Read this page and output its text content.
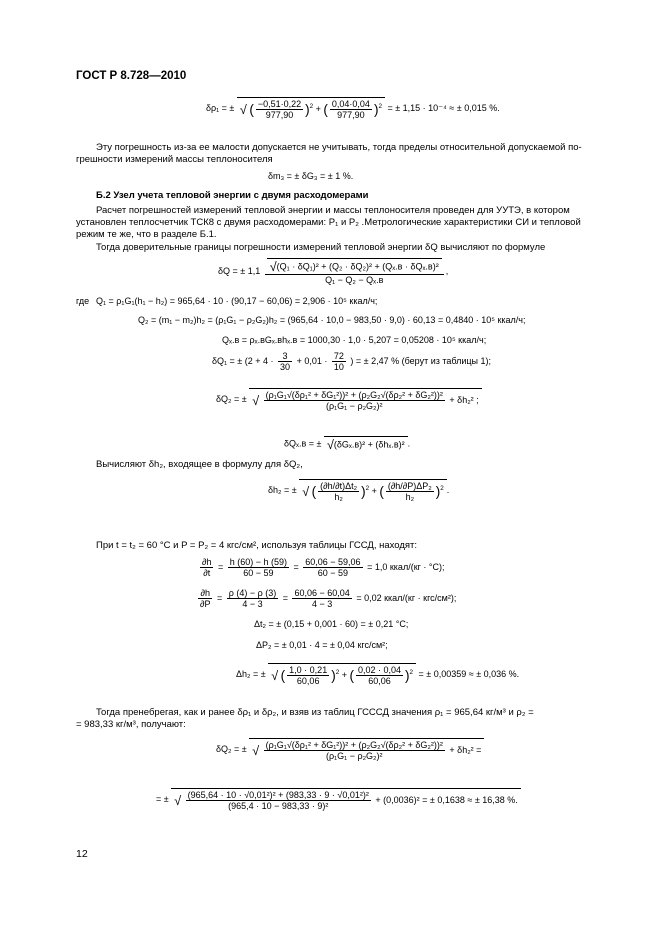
ГОСТ Р 8.728—2010
δρ₁ = ± √ ( $\frac{-0,51\cdot 0,22}{977,90} )^2$ + ( $\frac{0,04\cdot 0,04}{977,90} )^2$ = ± 1,15 · 10⁻⁴ ≈ ± 0,015 %.
Эту погрешность из-за ее малости допускается не учитывать, тогда пределы относительной допускаемой по-
грешности измерений массы теплоносителя
δm₃ = ± δG₃ = ± 1 %.
Б.2 Узел учета тепловой энергии с двумя расходомерами
Расчет погрешностей измерений тепловой энергии и массы теплоносителя проведен для УУТЭ, в котором
установлен теплосчетчик ТСК8 с двумя расходомерами: P₁ и P₂ .Метрологические характеристики СИ и тепловой
режим те же, что в разделе Б.1.
Тогда доверительные границы погрешности измерений тепловой энергии δQ вычисляют по формуле
δQ = ± 1,1 √ $\frac{\text{(Q₁ · δQ₁)² + (Q₂ · δQ₂)² + (Qₓ.в · δQₓ.в)²}}{\text{Q₁ − Q₂ − Qₓ.в}}$ ,
где Q₁ = ρ₁G₁(h₁ − h₂) = 965,64 · 10 · (90,17 − 60,06) = 2,906 · 10⁵ ккал/ч;
Q₂ = (m₁ − m₂)h₂ = (ρ₁G₁ − ρ₂G₂)h₂ = (965,64 · 10,0 − 983,50 · 9,0) · 60,13 = 0,4840 · 10⁵ ккал/ч;
Qₓ.в = ρₓ.вGₓ.вhₓ.в = 1000,30 · 1,0 · 5,207 = 0,05208 · 10⁵ ккал/ч;
δQ₁ = ± ($2 + 4 \cdot \frac{3}{30} + 0,01 \cdot \frac{72}{10}$ ) = ± 2,47 % (берут из таблицы 1);
δQ₂ = ± √ $\frac{\text{(ρ₁G₁√(δρ₁² + δG₁²))² + (ρ₂G₂√(δρ₂² + δG₂²))²}}{\text{(ρ₁G₁ − ρ₂G₂)²}} + \delta h_2^2$ ;
δQₓ.в = ± √ (δGₓ.в)² + (δhₓ.в)² .
Вычисляют δh₂, входящее в формулу для δQ₂,
δh₂ = ± √ ( $\frac{\text{(∂h/∂t)Δt₂}}{\text{h₂}} )^2$ + ( $\frac{\text{(∂h/∂P)ΔP₂}}{\text{h₂}} )^2$ .
При t = t₂ = 60 °С и P = P₂ = 4 кгс/см², используя таблицы ГССД, находят:
$\frac{\partial h}{\partial t} = \frac{h (60) - h (59)}{60 - 59} = \frac{60,06 - 59,06}{60 - 59} = 1,0$ ккал/(кг · °С);
$\frac{\partial h}{\partial P} = \frac{\rho (4) - \rho (3)}{4 - 3} = \frac{60,06 - 60,04}{4 - 3} = 0,02$ ккал/(кг · кгс/см²);
Δt₂ = ± (0,15 + 0,001 · 60) = ± 0,21 °С;
ΔP₂ = ± 0,01 · 4 = ± 0,04 кгс/см²;
Δh₂ = ± √ ( $\frac{1,0 \cdot 0,21}{60,06} )^2$ + ( $\frac{0,02 \cdot 0,04}{60,06} )^2$ = ± 0,00359 ≈ ± 0,036 %.
Тогда пренебрегая, как и ранее δρ₁ и δρ₂, и взяв из таблиц ГСССД значения ρ₁ = 965,64 кг/м³ и ρ₂ =
= 983,33 кг/м³, получают:
δQ₂ = ± √ $\frac{\text{(ρ₁G₁√(δρ₁² + δG₁²))² + (ρ₂G₂√(δρ₂² + δG₂²))²}}{\text{(ρ₁G₁ − ρ₂G₂)²}} + \delta h_2^2$ =
= ± √ $\frac{\text{(965,64 · 10 · √0,01²)² + (983,33 · 9 · √0,01²)²}}{\text{(965,4 · 10 − 983,33 · 9)²}} + (0,0036)^2$ = ± 0,1638 ≈ ± 16,38 %.
12
